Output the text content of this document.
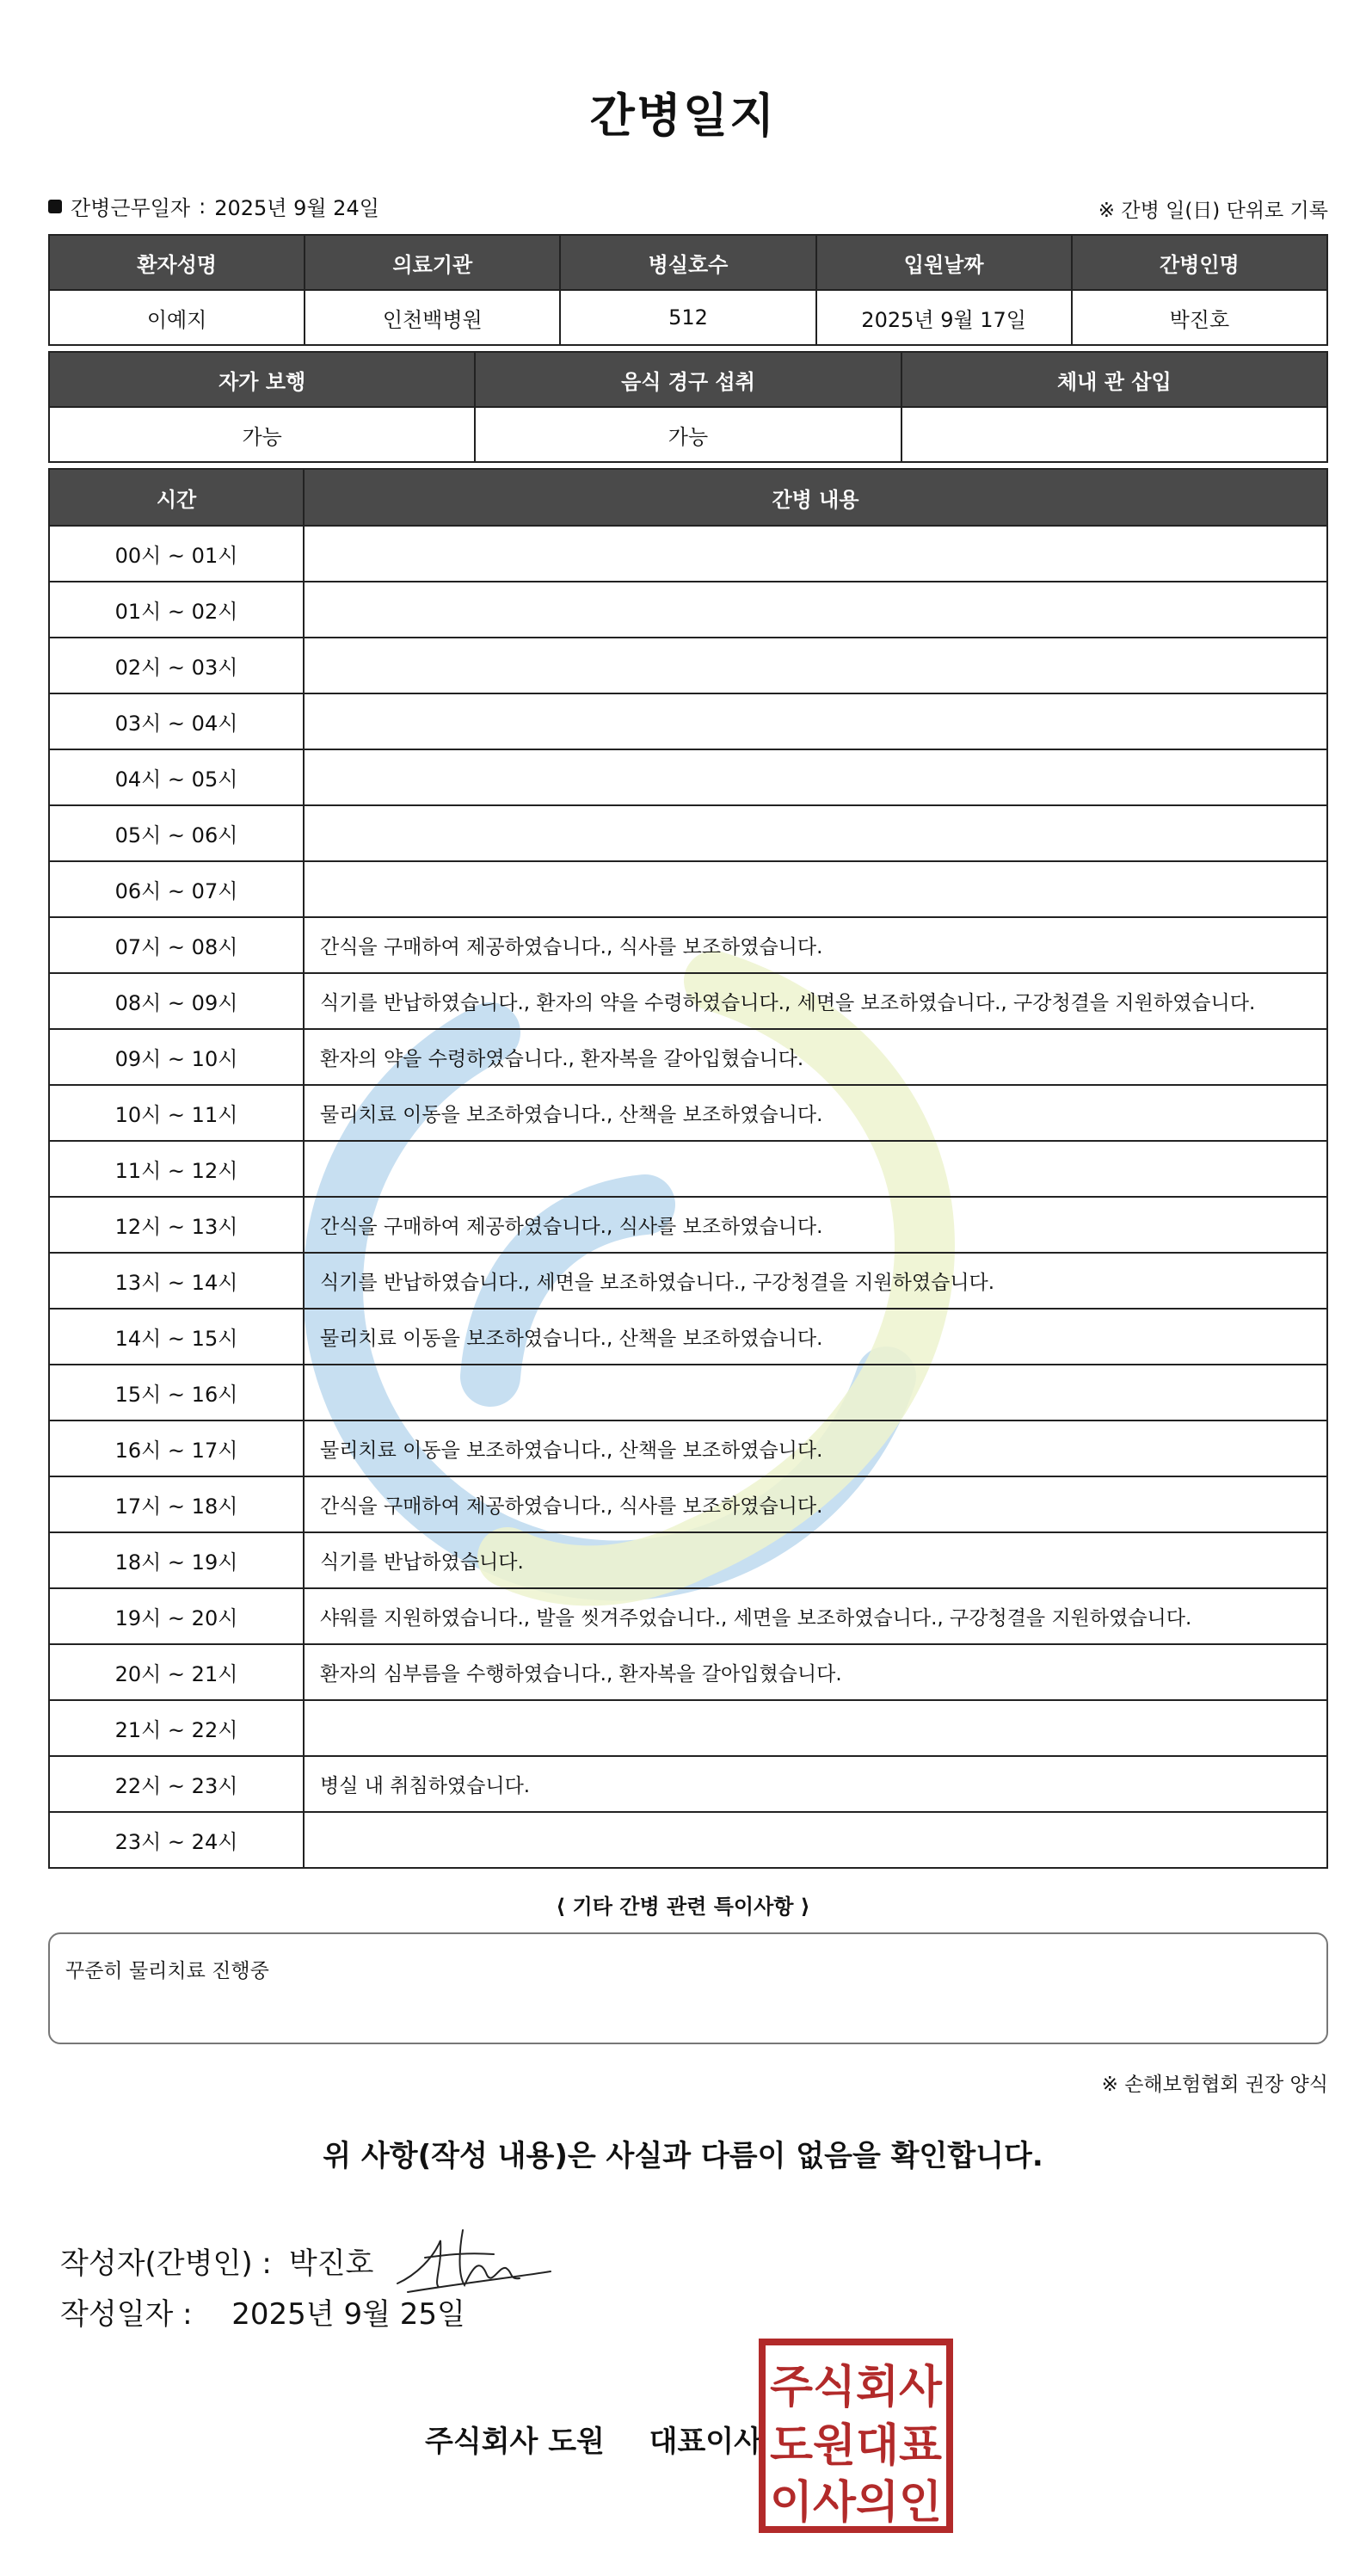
간병일지
간병근무일자 : 2025년 9월 24일	※ 간병 일(日) 단위로 기록
환자성명	의료기관	병실호수	입원날짜	간병인명
이예지	인천백병원	512	2025년 9월 17일	박진호
자가 보행	음식 경구 섭취	체내 관 삽입
가능	가능	
시간	간병 내용
00시 ~ 01시	
01시 ~ 02시	
02시 ~ 03시	
03시 ~ 04시	
04시 ~ 05시	
05시 ~ 06시	
06시 ~ 07시	
07시 ~ 08시	간식을 구매하여 제공하였습니다., 식사를 보조하였습니다.
08시 ~ 09시	식기를 반납하였습니다., 환자의 약을 수령하였습니다., 세면을 보조하였습니다., 구강청결을 지원하였습니다.
09시 ~ 10시	환자의 약을 수령하였습니다., 환자복을 갈아입혔습니다.
10시 ~ 11시	물리치료 이동을 보조하였습니다., 산책을 보조하였습니다.
11시 ~ 12시	
12시 ~ 13시	간식을 구매하여 제공하였습니다., 식사를 보조하였습니다.
13시 ~ 14시	식기를 반납하였습니다., 세면을 보조하였습니다., 구강청결을 지원하였습니다.
14시 ~ 15시	물리치료 이동을 보조하였습니다., 산책을 보조하였습니다.
15시 ~ 16시	
16시 ~ 17시	물리치료 이동을 보조하였습니다., 산책을 보조하였습니다.
17시 ~ 18시	간식을 구매하여 제공하였습니다., 식사를 보조하였습니다.
18시 ~ 19시	식기를 반납하였습니다.
19시 ~ 20시	샤워를 지원하였습니다., 발을 씻겨주었습니다., 세면을 보조하였습니다., 구강청결을 지원하였습니다.
20시 ~ 21시	환자의 심부름을 수행하였습니다., 환자복을 갈아입혔습니다.
21시 ~ 22시	
22시 ~ 23시	병실 내 취침하였습니다.
23시 ~ 24시	
⟨ 기타 간병 관련 특이사항 ⟩
꾸준히 물리치료 진행중
※ 손해보험협회 권장 양식
위 사항(작성 내용)은 사실과 다름이 없음을 확인합니다.
작성자(간병인) : 박진호
작성일자 : 2025년 9월 25일
주식회사 도원 대표이사
주식회사
도원대표
이사의인
